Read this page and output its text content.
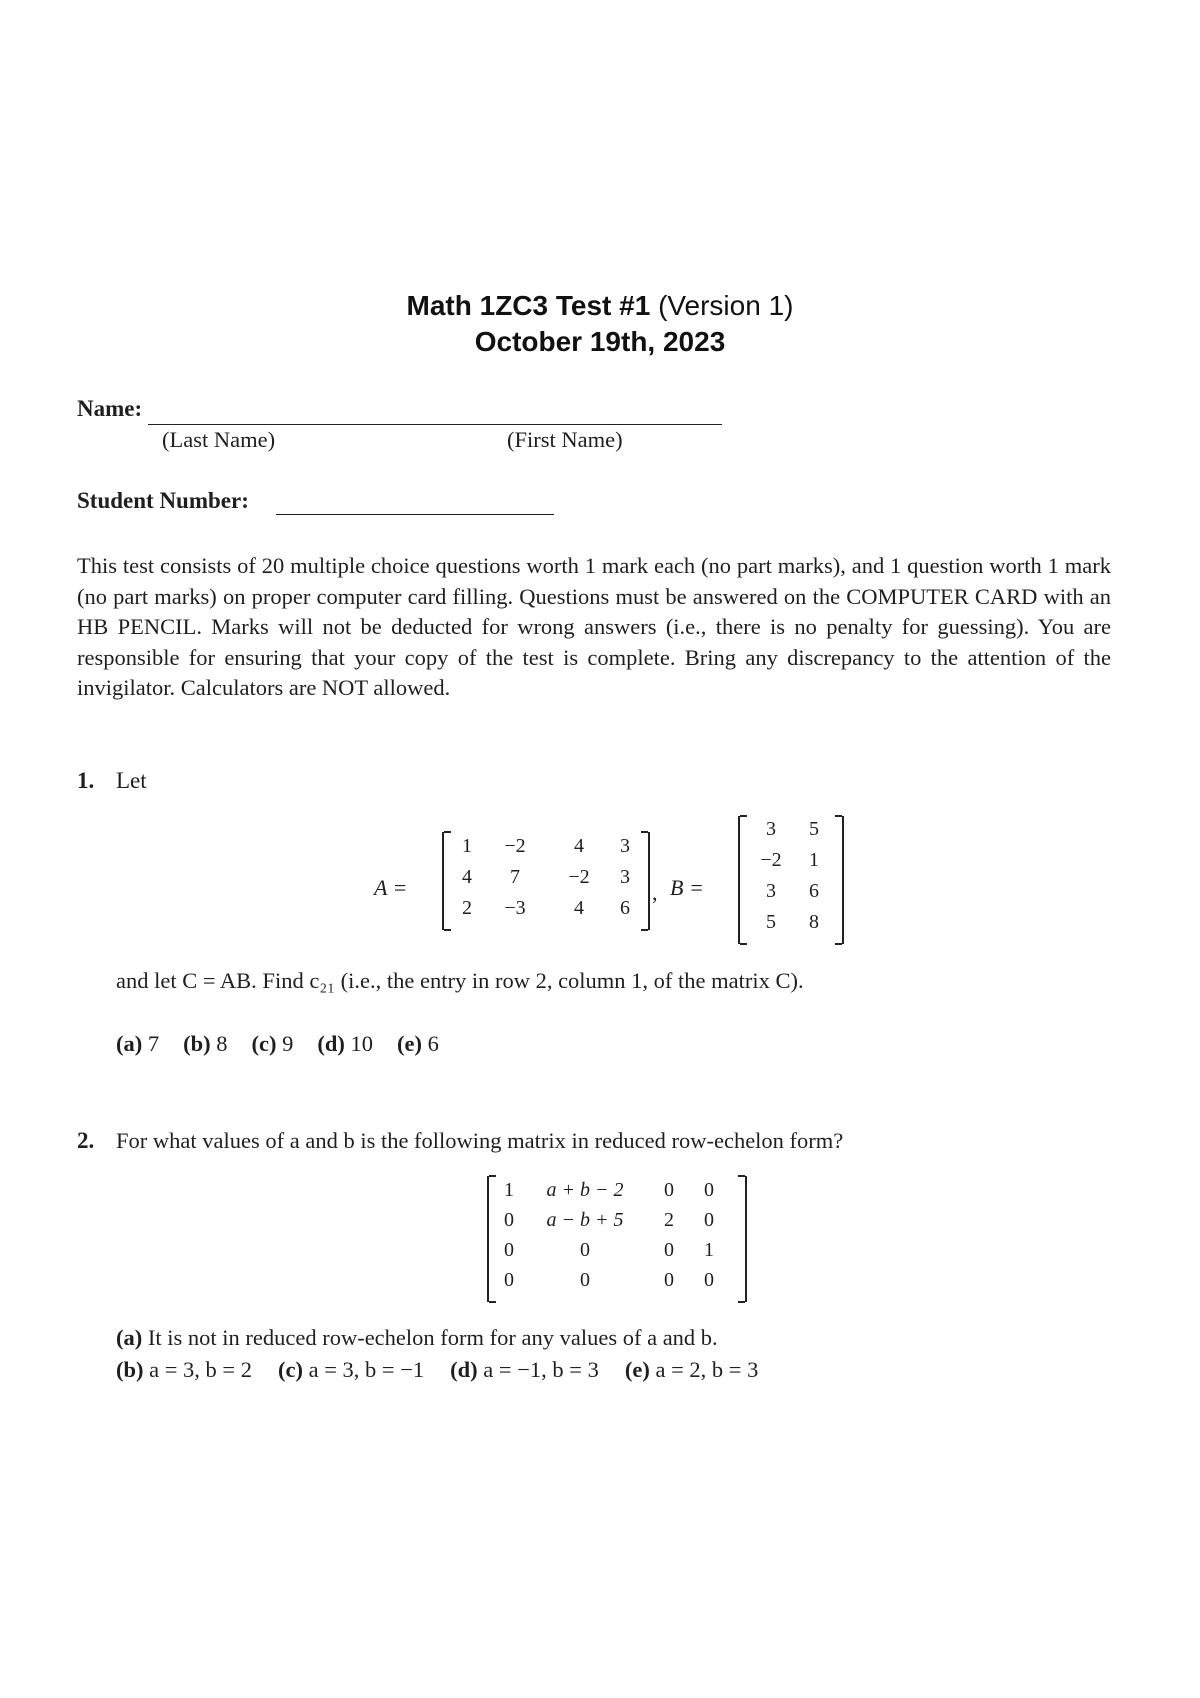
Math 1ZC3 Test #1 (Version 1)
October 19th, 2023
Name:
(Last Name)	(First Name)
Student Number:
This test consists of 20 multiple choice questions worth 1 mark each (no part marks), and 1 question worth 1 mark (no part marks) on proper computer card filling. Questions must be answered on the COMPUTER CARD with an HB PENCIL. Marks will not be deducted for wrong answers (i.e., there is no penalty for guessing). You are responsible for ensuring that your copy of the test is complete. Bring any discrepancy to the attention of the invigilator. Calculators are NOT allowed.
1. Let
A =
1	−2	4	3
4	7	−2	3
2	−3	4	6
, B =
3	5
−2	1
3	6
5	8
and let C = AB. Find c₂₁ (i.e., the entry in row 2, column 1, of the matrix C).
(a) 7 (b) 8 (c) 9 (d) 10 (e) 6
2. For what values of a and b is the following matrix in reduced row-echelon form?
1	a + b − 2	0	0
0	a − b + 5	2	0
0	0	0	1
0	0	0	0
(a) It is not in reduced row-echelon form for any values of a and b.
(b) a = 3, b = 2 (c) a = 3, b = −1 (d) a = −1, b = 3 (e) a = 2, b = 3
